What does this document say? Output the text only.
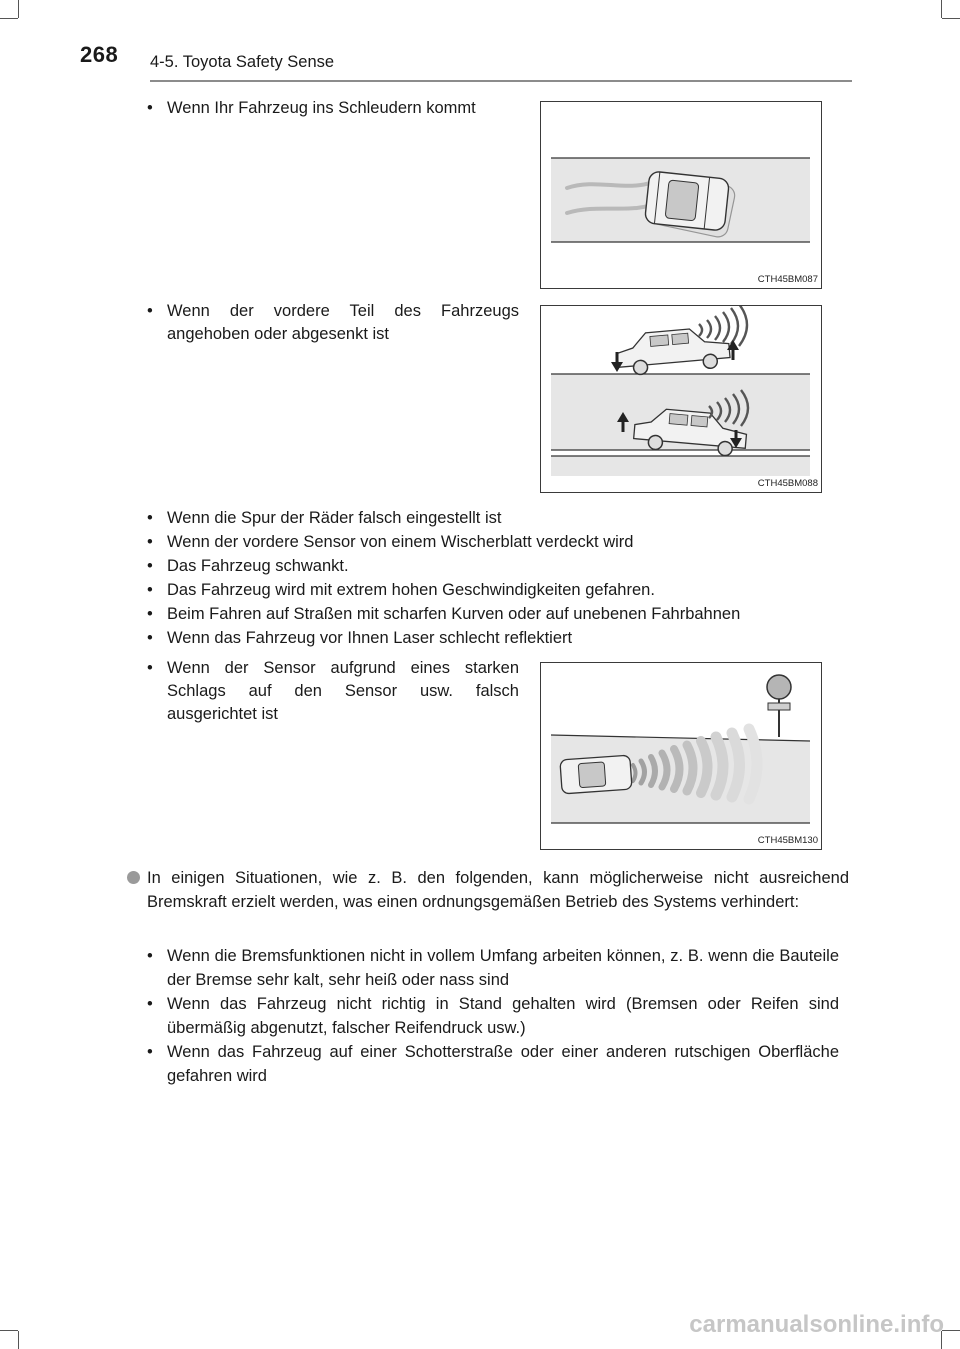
268 4-5. Toyota Safety Sense
• Wenn Ihr Fahrzeug ins Schleudern kommt
CTH45BM087
• Wenn der vordere Teil des Fahrzeugs angehoben oder abgesenkt ist
CTH45BM088
• Wenn die Spur der Räder falsch eingestellt ist
• Wenn der vordere Sensor von einem Wischerblatt verdeckt wird
• Das Fahrzeug schwankt.
• Das Fahrzeug wird mit extrem hohen Geschwindigkeiten gefahren.
• Beim Fahren auf Straßen mit scharfen Kurven oder auf unebenen Fahrbahnen
• Wenn das Fahrzeug vor Ihnen Laser schlecht reflektiert
• Wenn der Sensor aufgrund eines starken Schlags auf den Sensor usw. falsch ausgerichtet ist
CTH45BM130
In einigen Situationen, wie z. B. den folgenden, kann möglicherweise nicht ausreichend Bremskraft erzielt werden, was einen ordnungsgemäßen Betrieb des Systems verhindert:
• Wenn die Bremsfunktionen nicht in vollem Umfang arbeiten können, z. B. wenn die Bauteile der Bremse sehr kalt, sehr heiß oder nass sind
• Wenn das Fahrzeug nicht richtig in Stand gehalten wird (Bremsen oder Reifen sind übermäßig abgenutzt, falscher Reifendruck usw.)
• Wenn das Fahrzeug auf einer Schotterstraße oder einer anderen rutschigen Oberfläche gefahren wird
carmanualsonline.info
